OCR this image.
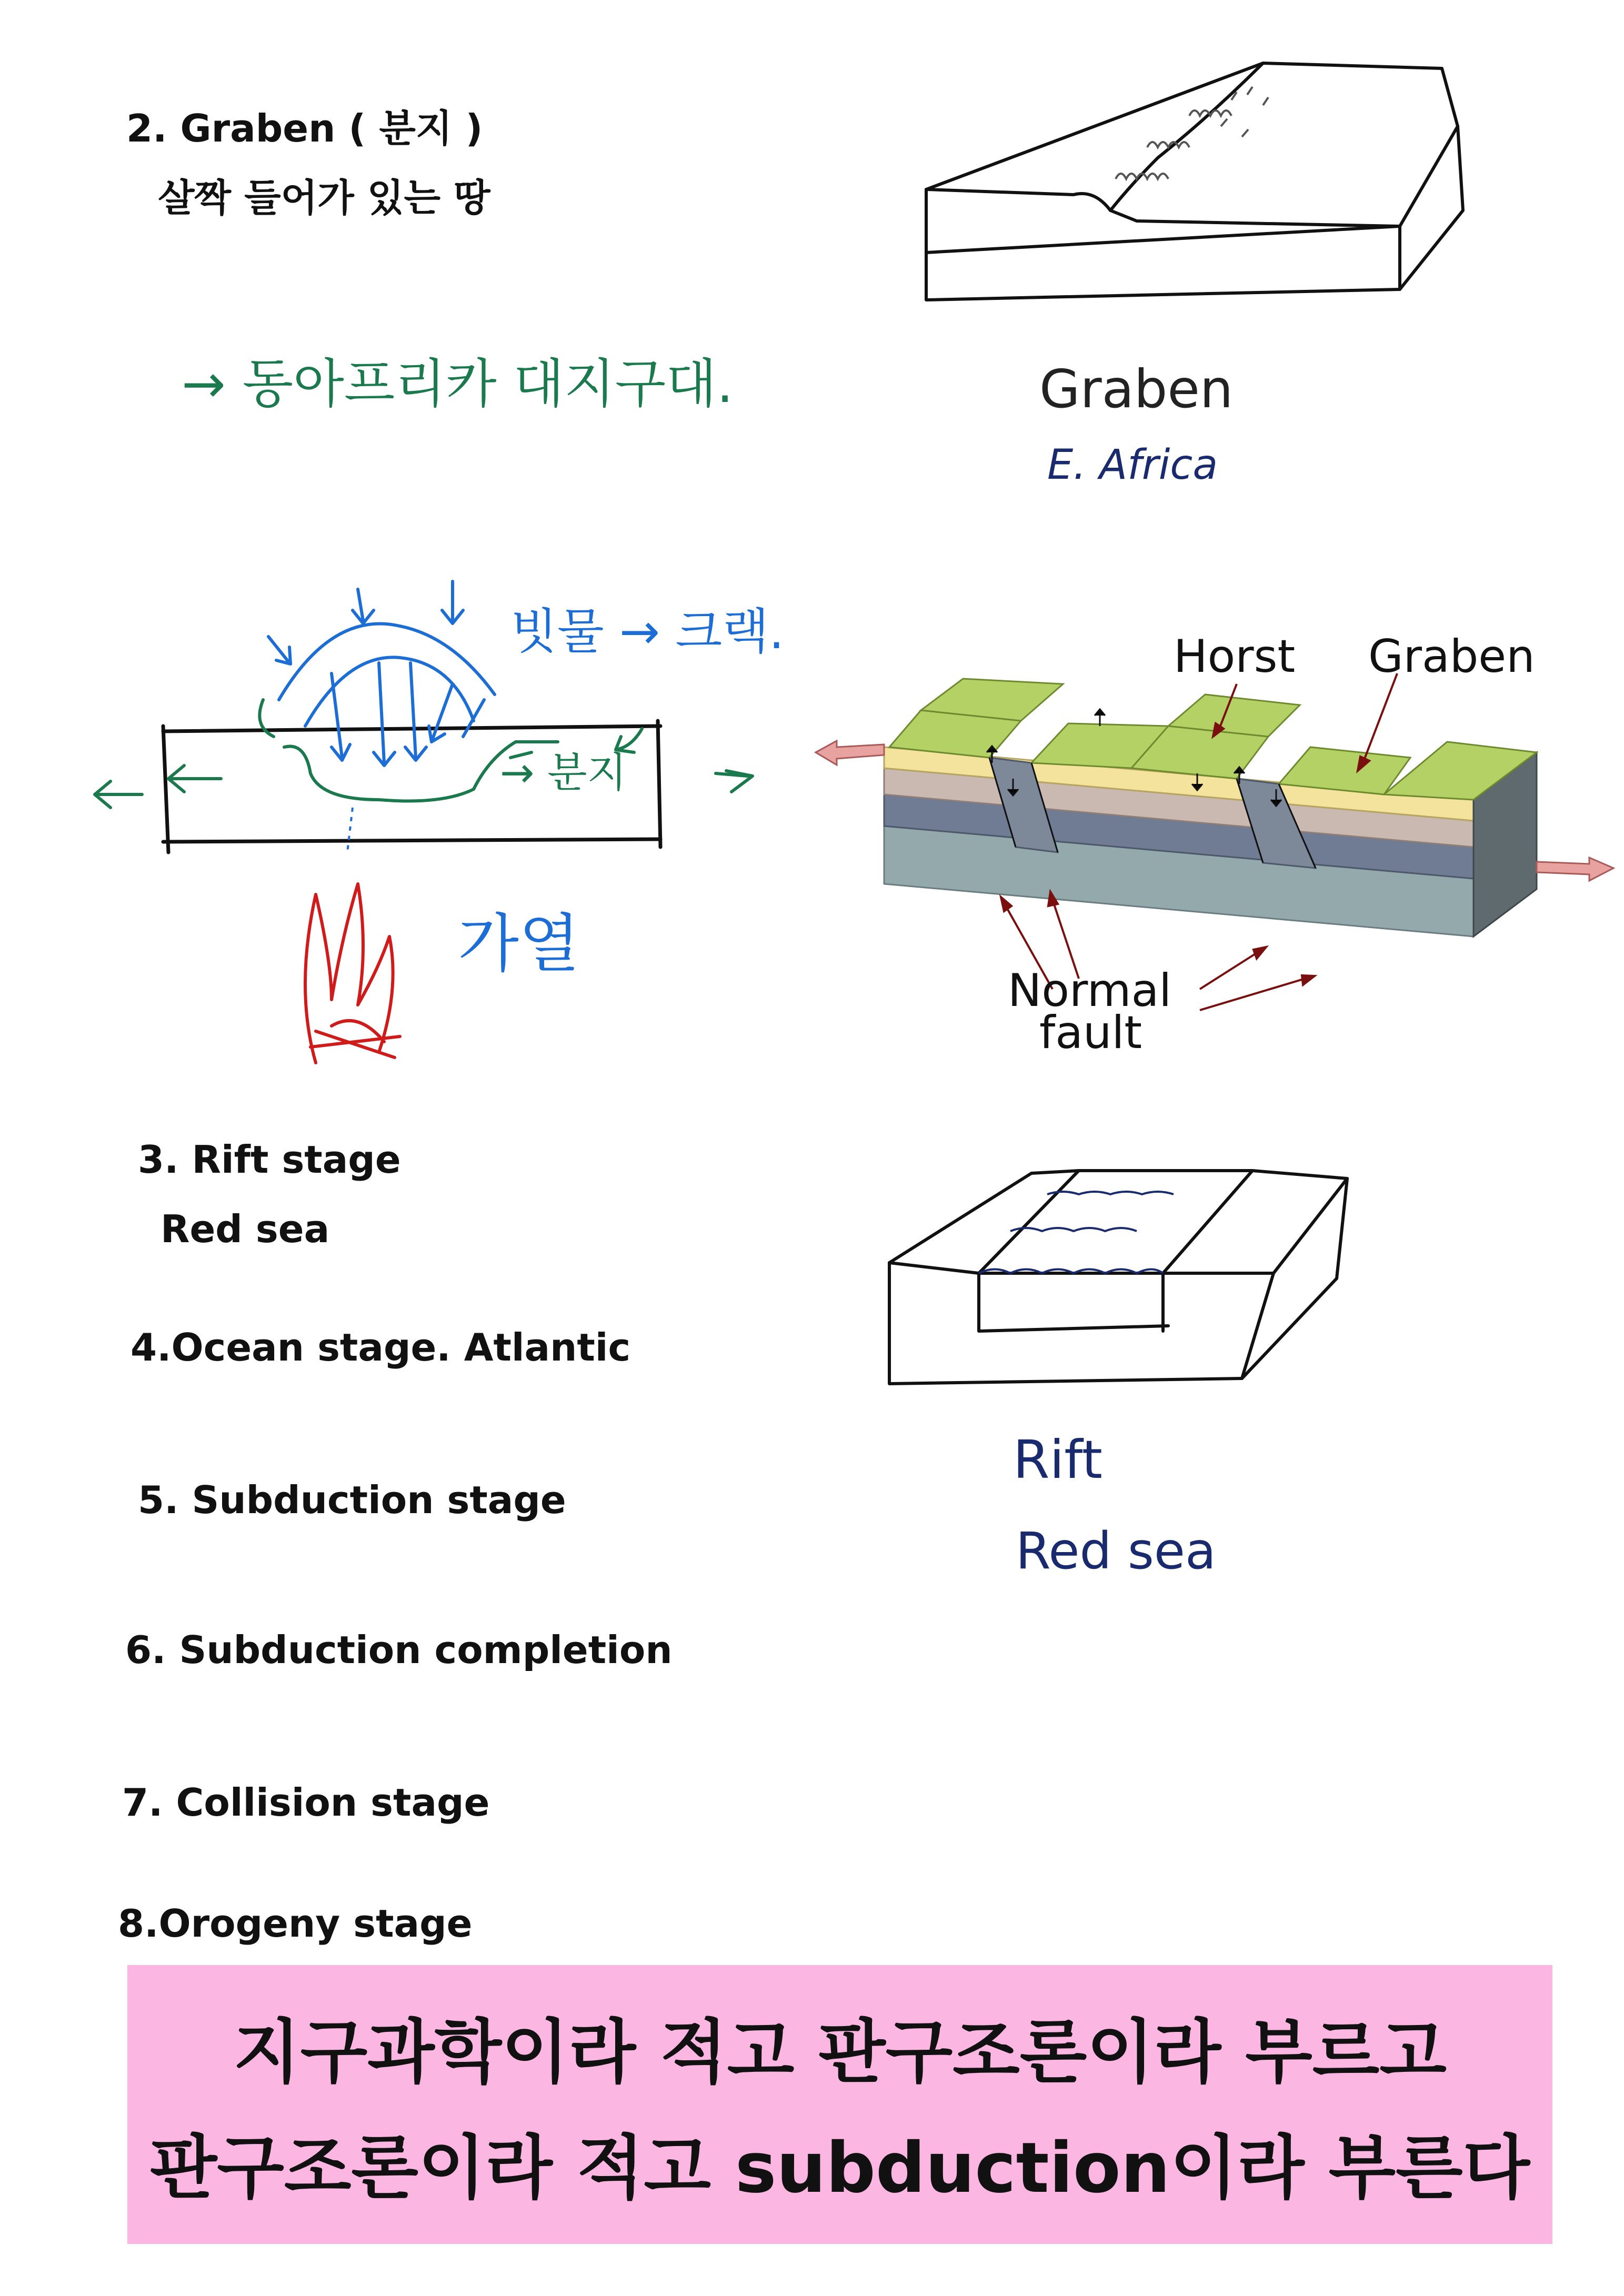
2. Graben ( 분지 )
살짝 들어가 있는 땅
→ 동아프리카 대지구대.
3. Rift stage
Red sea
4.Ocean stage. Atlantic
5. Subduction stage
6. Subduction completion
7. Collision stage
8.Orogeny stage
Graben
E. Africa
빗물 → 크랙.
→ 분지
가열
Horst Graben
Normal
fault
Rift
Red sea
지구과학이라 적고 판구조론이라 부르고
판구조론이라 적고 subduction이라 부른다
